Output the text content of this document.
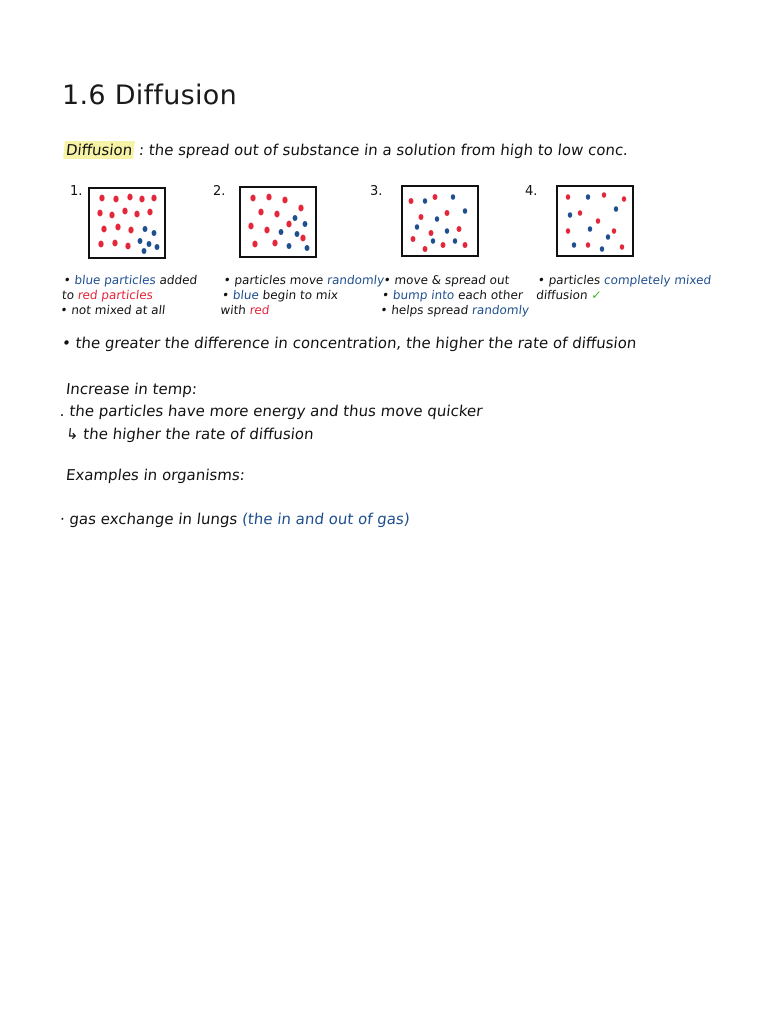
1.6 Diffusion
Diffusion : the spread out of substance in a solution from high to low conc.
1.	2.	3.	4.
• blue particles added
to red particles
• not mixed at all
• particles move randomly
• blue begin to mix
with red
• move & spread out
• bump into each other
• helps spread randomly
• particles completely mixed
diffusion ✓
• the greater the difference in concentration, the higher the rate of diffusion
Increase in temp:
. the particles have more energy and thus move quicker
↳ the higher the rate of diffusion
Examples in organisms:
· gas exchange in lungs (the in and out of gas)
